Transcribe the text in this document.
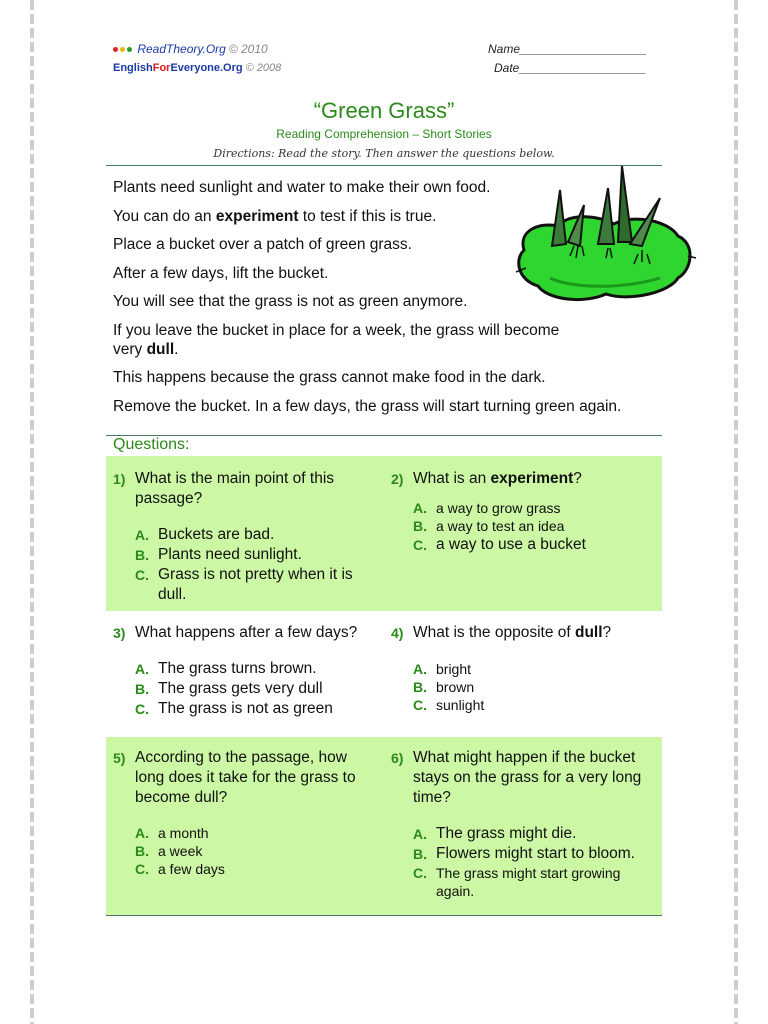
ReadTheory.Org © 2010
EnglishForEveryone.Org © 2008
Name___________________
Date___________________
“Green Grass”
Reading Comprehension – Short Stories
Directions: Read the story. Then answer the questions below.

Plants need sunlight and water to make their own food.

You can do an experiment to test if this is true.

Place a bucket over a patch of green grass.

After a few days, lift the bucket.

You will see that the grass is not as green anymore.

If you leave the bucket in place for a week, the grass will become very dull.

This happens because the grass cannot make food in the dark.

Remove the bucket. In a few days, the grass will start turning green again.

Questions:
1) What is the main point of this passage?
A. Buckets are bad.
B. Plants need sunlight.
C. Grass is not pretty when it is dull.
2) What is an experiment?
A. a way to grow grass
B. a way to test an idea
C. a way to use a bucket
3) What happens after a few days?
A. The grass turns brown.
B. The grass gets very dull
C. The grass is not as green
4) What is the opposite of dull?
A. bright
B. brown
C. sunlight
5) According to the passage, how long does it take for the grass to become dull?
A. a month
B. a week
C. a few days
6) What might happen if the bucket stays on the grass for a very long time?
A. The grass might die.
B. Flowers might start to bloom.
C. The grass might start growing again.
